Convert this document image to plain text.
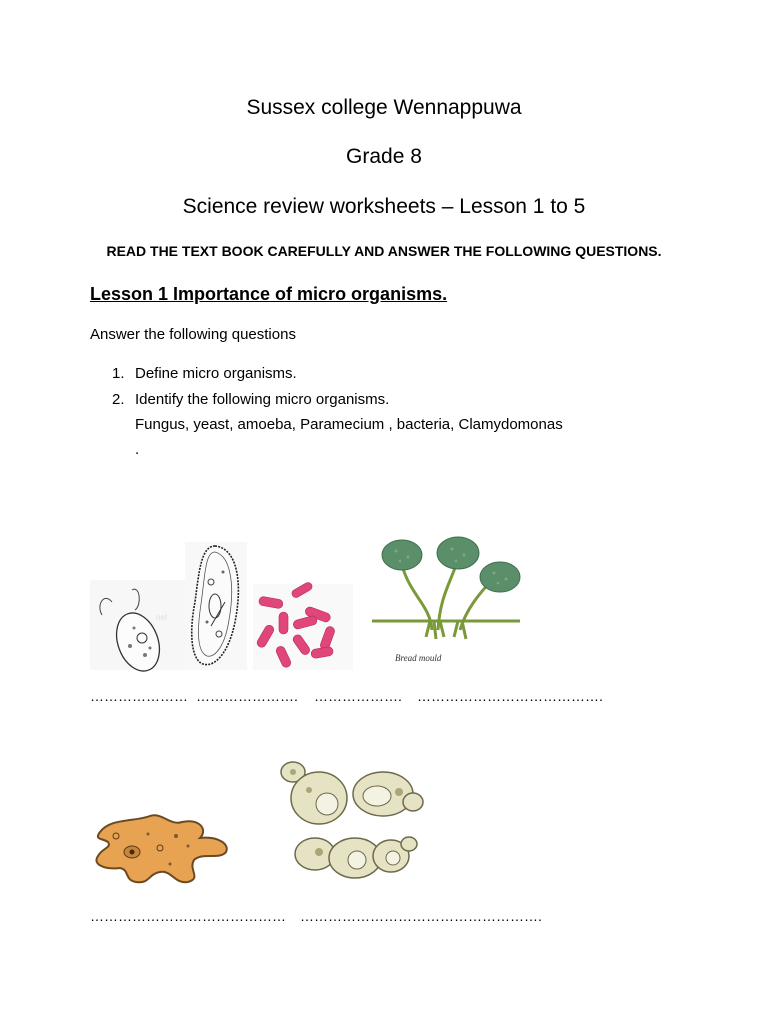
Sussex college Wennappuwa
Grade 8
Science review worksheets – Lesson 1 to 5
READ THE TEXT BOOK CAREFULLY AND ANSWER THE FOLLOWING QUESTIONS.
Lesson 1 Importance of micro organisms.
Answer the following questions
1. Define micro organisms.
2. Identify the following micro organisms.
Fungus, yeast, amoeba, Paramecium , bacteria, Clamydomonas
.
net
Bread mould
………………… …………………. ………………. ………………………………….
…………………………………… …………………………………………….
